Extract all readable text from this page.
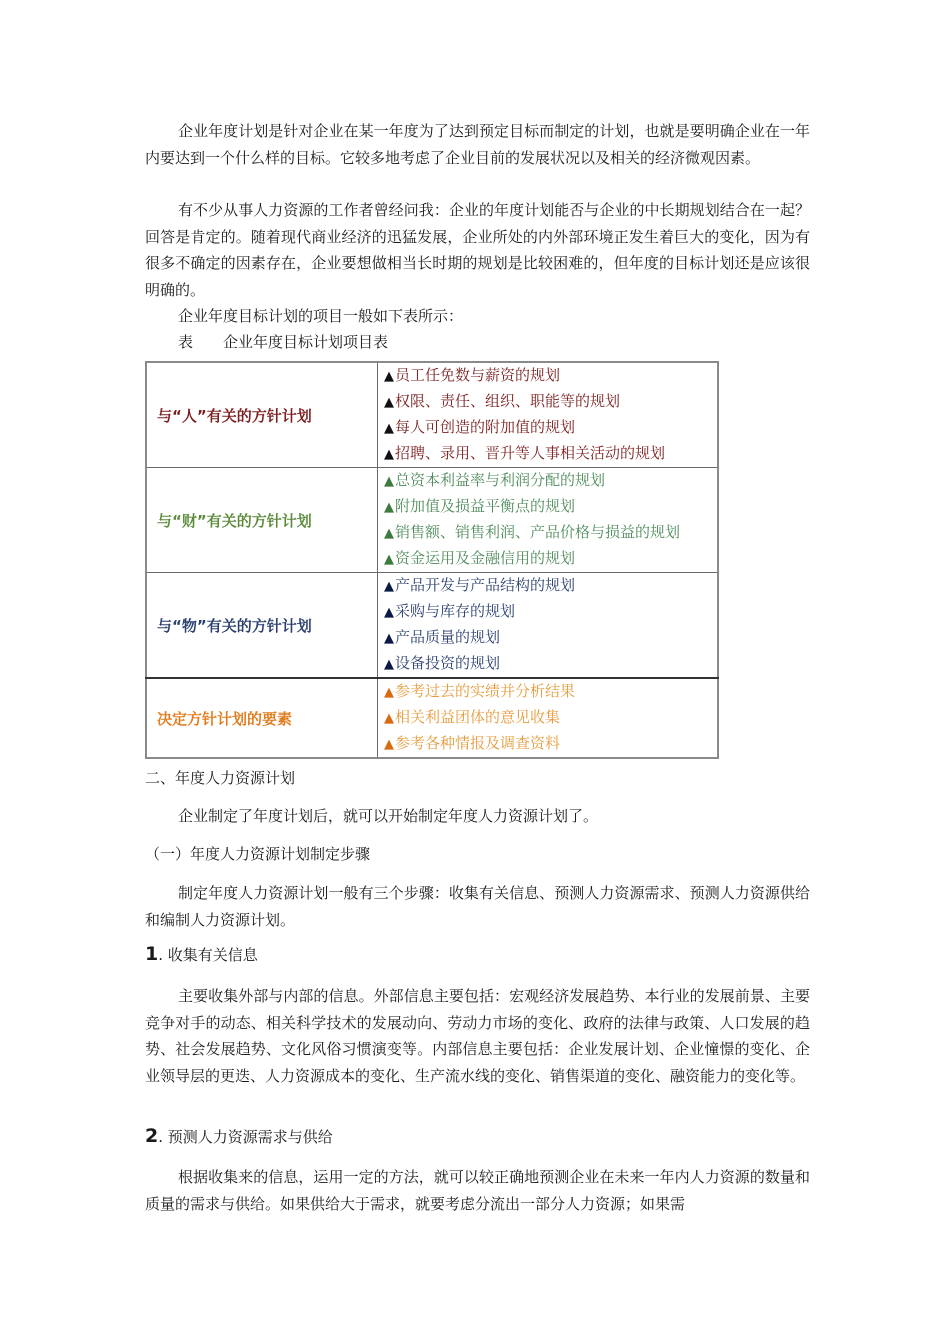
企业年度计划是针对企业在某一年度为了达到预定目标而制定的计划，也就是要明确企业在一年内要达到一个什么样的目标。它较多地考虑了企业目前的发展状况以及相关的经济微观因素。

有不少从事人力资源的工作者曾经问我：企业的年度计划能否与企业的中长期规划结合在一起？回答是肯定的。随着现代商业经济的迅猛发展，企业所处的内外部环境正发生着巨大的变化，因为有很多不确定的因素存在，企业要想做相当长时期的规划是比较困难的，但年度的目标计划还是应该很明确的。

企业年度目标计划的项目一般如下表所示：

表　　企业年度目标计划项目表

与“人”有关的方针计划	▲员工任免数与薪资的规划
▲权限、责任、组织、职能等的规划
▲每人可创造的附加值的规划
▲招聘、录用、晋升等人事相关活动的规划

与“财”有关的方针计划	▲总资本利益率与利润分配的规划
▲附加值及损益平衡点的规划
▲销售额、销售利润、产品价格与损益的规划
▲资金运用及金融信用的规划

与“物”有关的方针计划	▲产品开发与产品结构的规划
▲采购与库存的规划
▲产品质量的规划
▲设备投资的规划

决定方针计划的要素	▲参考过去的实绩并分析结果
▲相关利益团体的意见收集
▲参考各种情报及调查资料

二、年度人力资源计划

企业制定了年度计划后，就可以开始制定年度人力资源计划了。

（一）年度人力资源计划制定步骤

制定年度人力资源计划一般有三个步骤：收集有关信息、预测人力资源需求、预测人力资源供给和编制人力资源计划。

1. 收集有关信息

主要收集外部与内部的信息。外部信息主要包括：宏观经济发展趋势、本行业的发展前景、主要竞争对手的动态、相关科学技术的发展动向、劳动力市场的变化、政府的法律与政策、人口发展的趋势、社会发展趋势、文化风俗习惯演变等。内部信息主要包括：企业发展计划、企业憧憬的变化、企业领导层的更迭、人力资源成本的变化、生产流水线的变化、销售渠道的变化、融资能力的变化等。

2. 预测人力资源需求与供给

根据收集来的信息，运用一定的方法，就可以较正确地预测企业在未来一年内人力资源的数量和质量的需求与供给。如果供给大于需求，就要考虑分流出一部分人力资源；如果需
